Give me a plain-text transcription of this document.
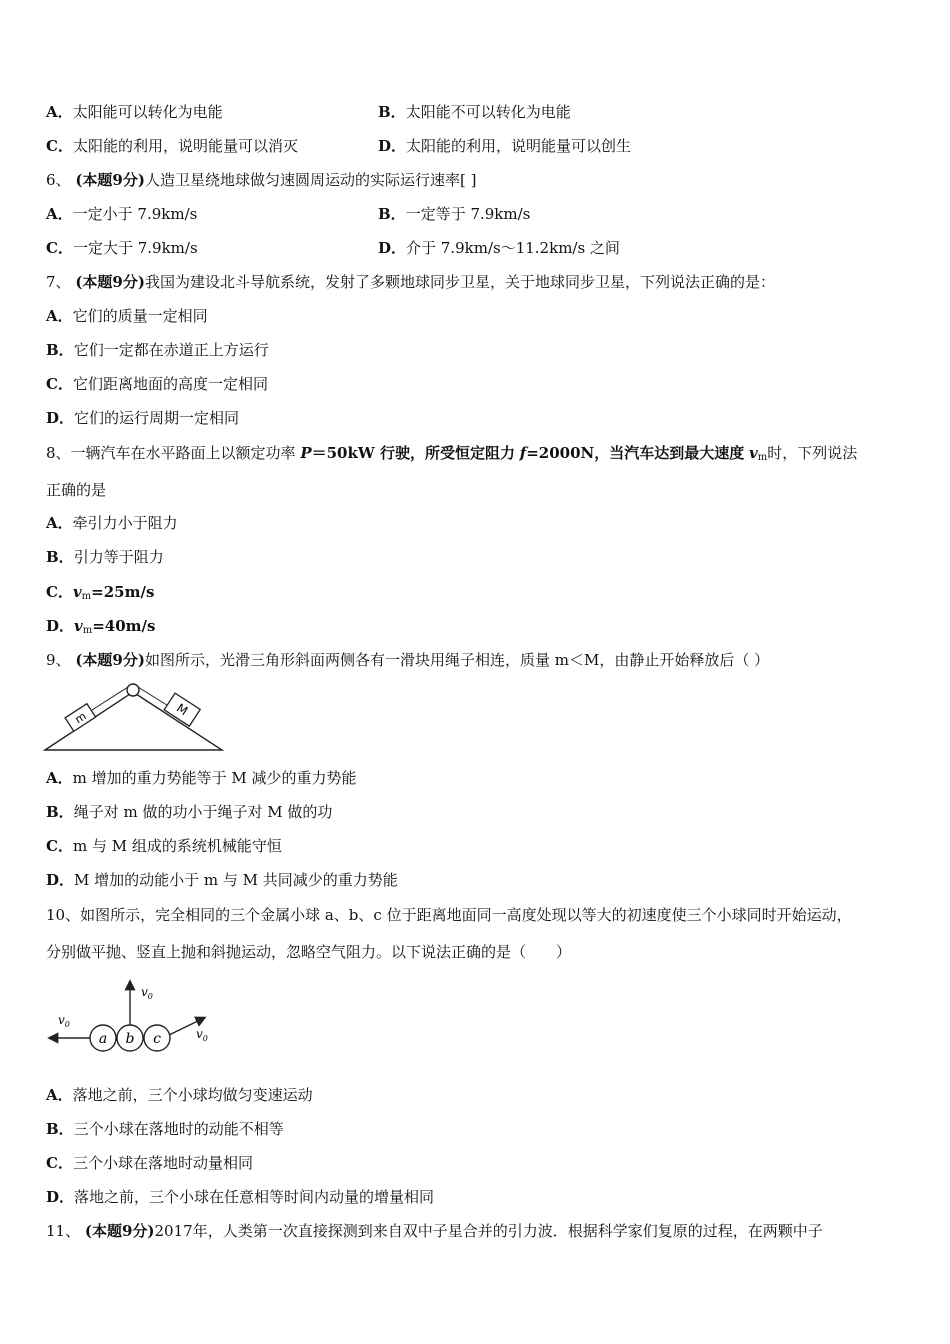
A．太阳能可以转化为电能	B．太阳能不可以转化为电能
C．太阳能的利用，说明能量可以消灭	D．太阳能的利用，说明能量可以创生
6、 (本题9分)人造卫星绕地球做匀速圆周运动的实际运行速率[ ]
A．一定小于 7.9km/s	B．一定等于 7.9km/s
C．一定大于 7.9km/s	D．介于 7.9km/s～11.2km/s 之间
7、 (本题9分)我国为建设北斗导航系统，发射了多颗地球同步卫星，关于地球同步卫星，下列说法正确的是：
A．它们的质量一定相同
B．它们一定都在赤道正上方运行
C．它们距离地面的高度一定相同
D．它们的运行周期一定相同
8、一辆汽车在水平路面上以额定功率 P＝50kW 行驶，所受恒定阻力 f=2000N，当汽车达到最大速度 $v_m$时，下列说法
正确的是
A．牵引力小于阻力
B．引力等于阻力
C．$v_m=25m/s$
D．$v_m=40m/s$
9、 (本题9分)如图所示，光滑三角形斜面两侧各有一滑块用绳子相连，质量 m＜M，由静止开始释放后（ ）
m	M
A．m 增加的重力势能等于 M 减少的重力势能
B．绳子对 m 做的功小于绳子对 M 做的功
C．m 与 M 组成的系统机械能守恒
D．M 增加的动能小于 m 与 M 共同减少的重力势能
10、如图所示，完全相同的三个金属小球 a、b、c 位于距离地面同一高度处现以等大的初速度使三个小球同时开始运动，
分别做平抛、竖直上抛和斜抛运动，忽略空气阻力。以下说法正确的是（　　）
a b c
$v_0$
$v_0$
$v_0$
A．落地之前，三个小球均做匀变速运动
B．三个小球在落地时的动能不相等
C．三个小球在落地时动量相同
D．落地之前，三个小球在任意相等时间内动量的增量相同
11、 (本题9分)2017年，人类第一次直接探测到来自双中子星合并的引力波．根据科学家们复原的过程，在两颗中子
